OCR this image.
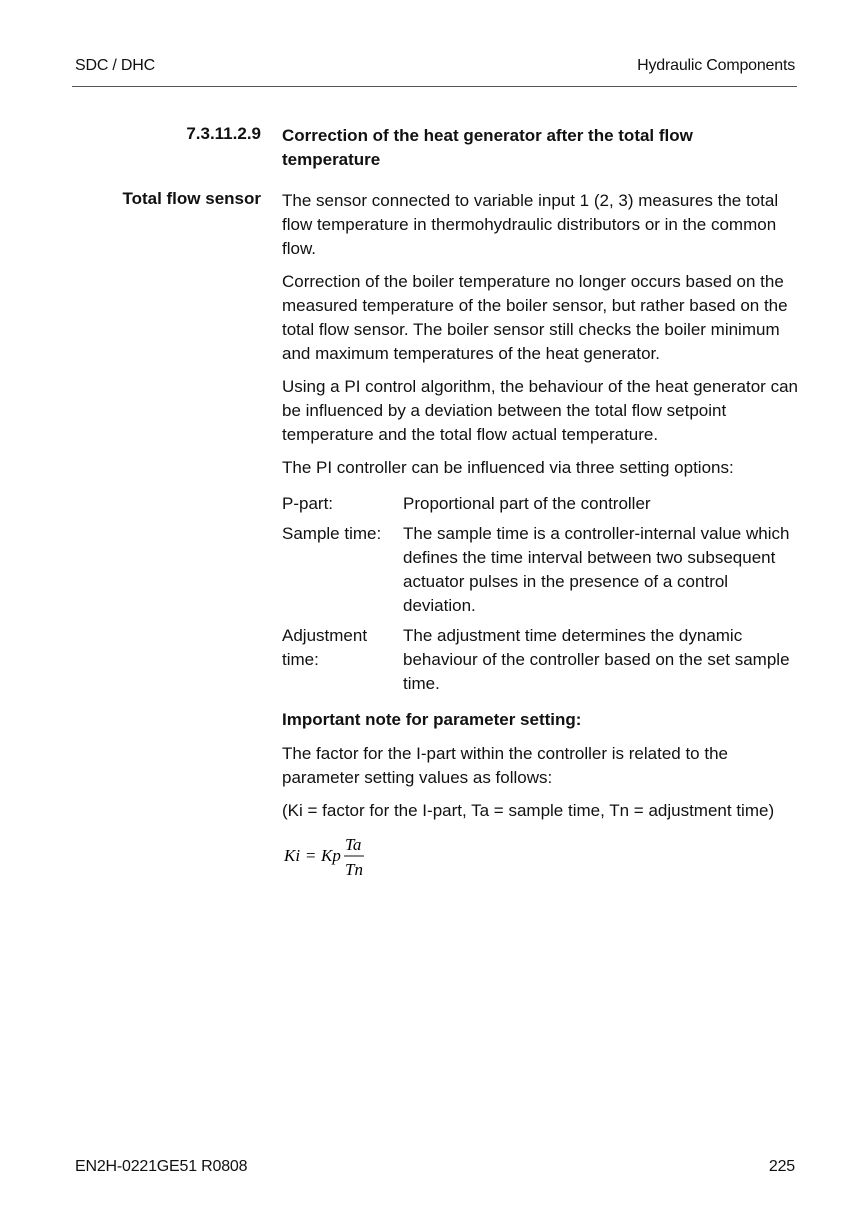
SDC / DHC	Hydraulic Components
7.3.11.2.9 Correction of the heat generator after the total flow temperature
Total flow sensor The sensor connected to variable input 1 (2, 3) measures the total flow temperature in thermohydraulic distributors or in the common flow.

Correction of the boiler temperature no longer occurs based on the measured temperature of the boiler sensor, but rather based on the total flow sensor. The boiler sensor still checks the boiler minimum and maximum temperatures of the heat generator.

Using a PI control algorithm, the behaviour of the heat generator can be influenced by a deviation between the total flow setpoint temperature and the total flow actual temperature.

The PI controller can be influenced via three setting options:

P-part:	Proportional part of the controller
Sample time:	The sample time is a controller-internal value which defines the time interval between two subsequent actuator pulses in the presence of a control deviation.
Adjustment time:
The adjustment time determines the dynamic behaviour of the controller based on the set sample time.
Important note for parameter setting:

The factor for the I-part within the controller is related to the parameter setting values as follows:

(Ki = factor for the I-part, Ta = sample time, Tn = adjustment time)

Ki = Kp
Ta
Tn
EN2H-0221GE51 R0808	225
